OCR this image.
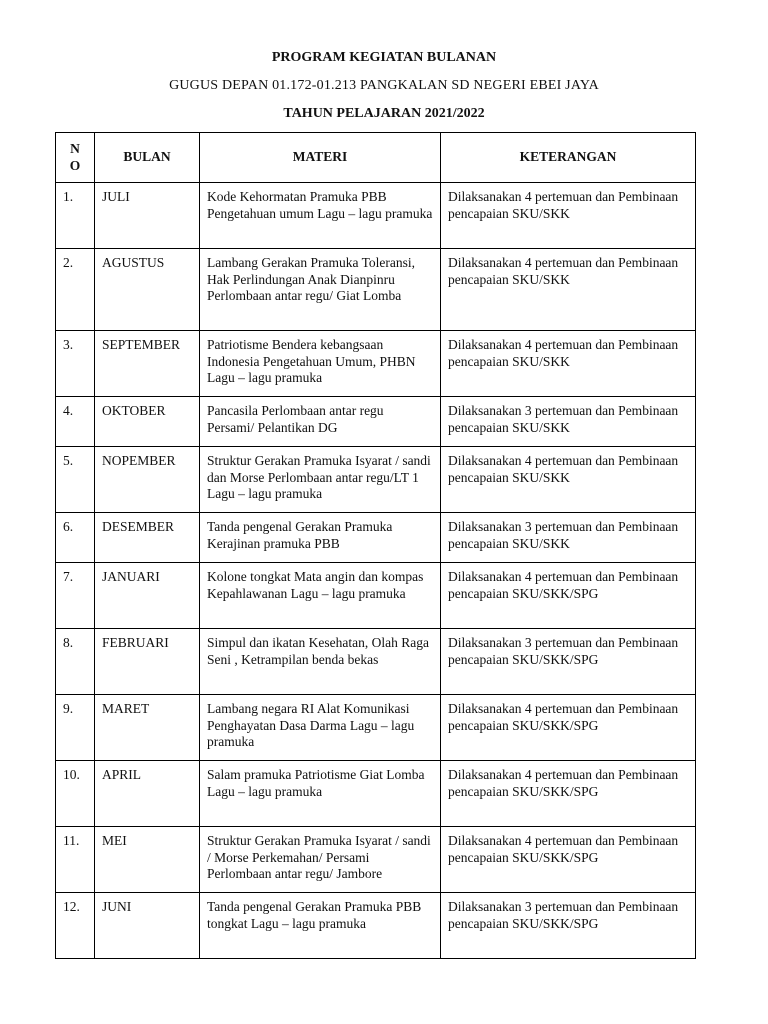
PROGRAM KEGIATAN BULANAN
GUGUS DEPAN 01.172-01.213 PANGKALAN SD NEGERI EBEI JAYA
TAHUN PELAJARAN 2021/2022
N O	BULAN	MATERI	KETERANGAN
1.	JULI	Kode Kehormatan Pramuka PBB Pengetahuan umum Lagu – lagu pramuka	Dilaksanakan 4 pertemuan dan Pembinaan pencapaian SKU/SKK
2.	AGUSTUS	Lambang Gerakan Pramuka Toleransi, Hak Perlindungan Anak Dianpinru Perlombaan antar regu/ Giat Lomba	Dilaksanakan 4 pertemuan dan Pembinaan pencapaian SKU/SKK
3.	SEPTEMBER	Patriotisme Bendera kebangsaan Indonesia Pengetahuan Umum, PHBN Lagu – lagu pramuka	Dilaksanakan 4 pertemuan dan Pembinaan pencapaian SKU/SKK
4.	OKTOBER	Pancasila Perlombaan antar regu Persami/ Pelantikan DG	Dilaksanakan 3 pertemuan dan Pembinaan pencapaian SKU/SKK
5.	NOPEMBER	Struktur Gerakan Pramuka Isyarat / sandi dan Morse Perlombaan antar regu/LT 1 Lagu – lagu pramuka	Dilaksanakan 4 pertemuan dan Pembinaan pencapaian SKU/SKK
6.	DESEMBER	Tanda pengenal Gerakan Pramuka Kerajinan pramuka PBB	Dilaksanakan 3 pertemuan dan Pembinaan pencapaian SKU/SKK
7.	JANUARI	Kolone tongkat Mata angin dan kompas Kepahlawanan Lagu – lagu pramuka	Dilaksanakan 4 pertemuan dan Pembinaan pencapaian SKU/SKK/SPG
8.	FEBRUARI	Simpul dan ikatan Kesehatan, Olah Raga Seni , Ketrampilan benda bekas	Dilaksanakan 3 pertemuan dan Pembinaan pencapaian SKU/SKK/SPG
9.	MARET	Lambang negara RI Alat Komunikasi Penghayatan Dasa Darma Lagu – lagu pramuka	Dilaksanakan 4 pertemuan dan Pembinaan pencapaian SKU/SKK/SPG
10.	APRIL	Salam pramuka Patriotisme Giat Lomba Lagu – lagu pramuka	Dilaksanakan 4 pertemuan dan Pembinaan pencapaian SKU/SKK/SPG
11.	MEI	Struktur Gerakan Pramuka Isyarat / sandi / Morse Perkemahan/ Persami Perlombaan antar regu/ Jambore	Dilaksanakan 4 pertemuan dan Pembinaan pencapaian SKU/SKK/SPG
12.	JUNI	Tanda pengenal Gerakan Pramuka PBB tongkat Lagu – lagu pramuka	Dilaksanakan 3 pertemuan dan Pembinaan pencapaian SKU/SKK/SPG
